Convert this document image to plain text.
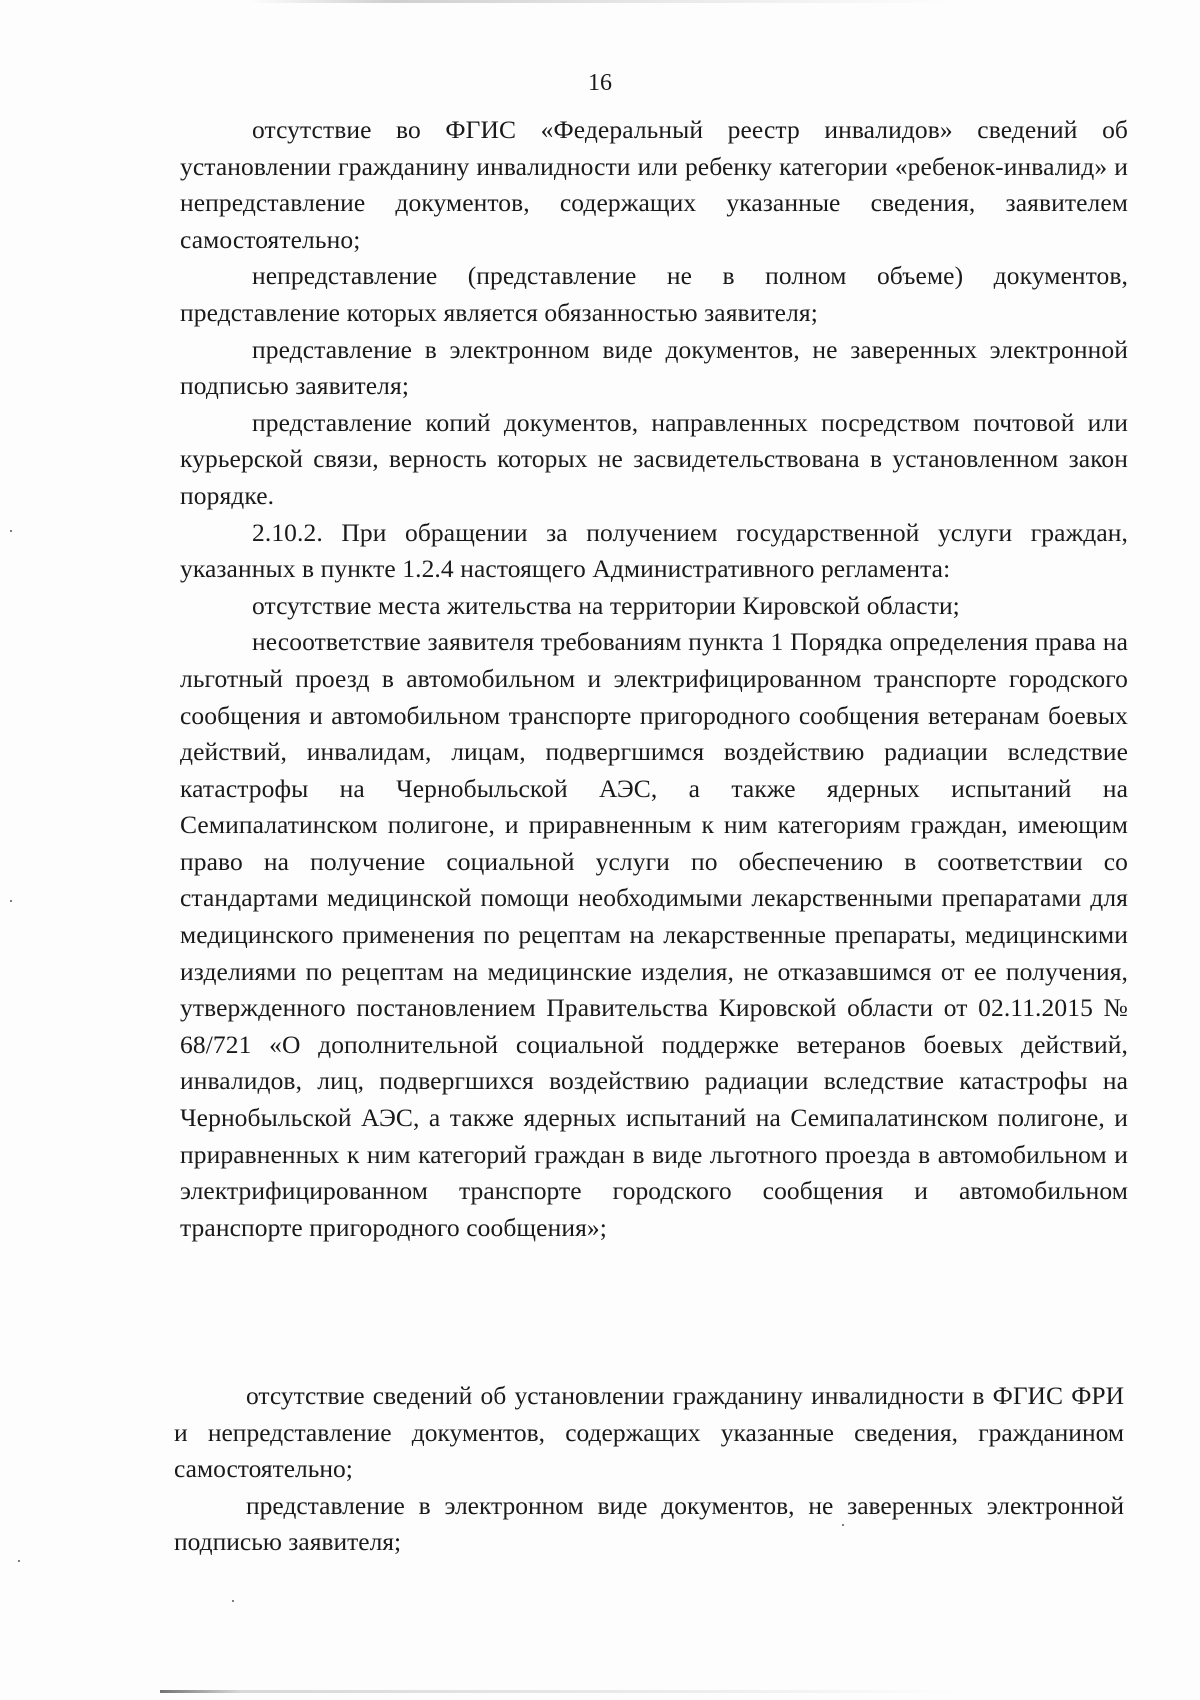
16

отсутствие во ФГИС «Федеральный реестр инвалидов» сведений об установлении гражданину инвалидности или ребенку категории «ребенок-инвалид» и непредставление документов, содержащих указанные сведения, заявителем самостоятельно;

непредставление (представление не в полном объеме) документов, представление которых является обязанностью заявителя;

представление в электронном виде документов, не заверенных электронной подписью заявителя;

представление копий документов, направленных посредством почтовой или курьерской связи, верность которых не засвидетельствована в установленном закон порядке.

2.10.2. При обращении за получением государственной услуги граждан, указанных в пункте 1.2.4 настоящего Административного регламента:

отсутствие места жительства на территории Кировской области;

несоответствие заявителя требованиям пункта 1 Порядка определения права на льготный проезд в автомобильном и электрифицированном транспорте городского сообщения и автомобильном транспорте пригородного сообщения ветеранам боевых действий, инвалидам, лицам, подвергшимся воздействию радиации вследствие катастрофы на Чернобыльской АЭС, а также ядерных испытаний на Семипалатинском полигоне, и приравненным к ним категориям граждан, имеющим право на получение социальной услуги по обеспечению в соответствии со стандартами медицинской помощи необходимыми лекарственными препаратами для медицинского применения по рецептам на лекарственные препараты, медицинскими изделиями по рецептам на медицинские изделия, не отказавшимся от ее получения, утвержденного постановлением Правительства Кировской области от 02.11.2015 № 68/721 «О дополнительной социальной поддержке ветеранов боевых действий, инвалидов, лиц, подвергшихся воздействию радиации вследствие катастрофы на Чернобыльской АЭС, а также ядерных испытаний на Семипалатинском полигоне, и приравненных к ним категорий граждан в виде льготного проезда в автомобильном и электрифицированном транспорте городского сообщения и автомобильном транспорте пригородного сообщения»;

отсутствие сведений об установлении гражданину инвалидности в ФГИС ФРИ и непредставление документов, содержащих указанные сведения, гражданином самостоятельно;

представление в электронном виде документов, не заверенных электронной подписью заявителя;
